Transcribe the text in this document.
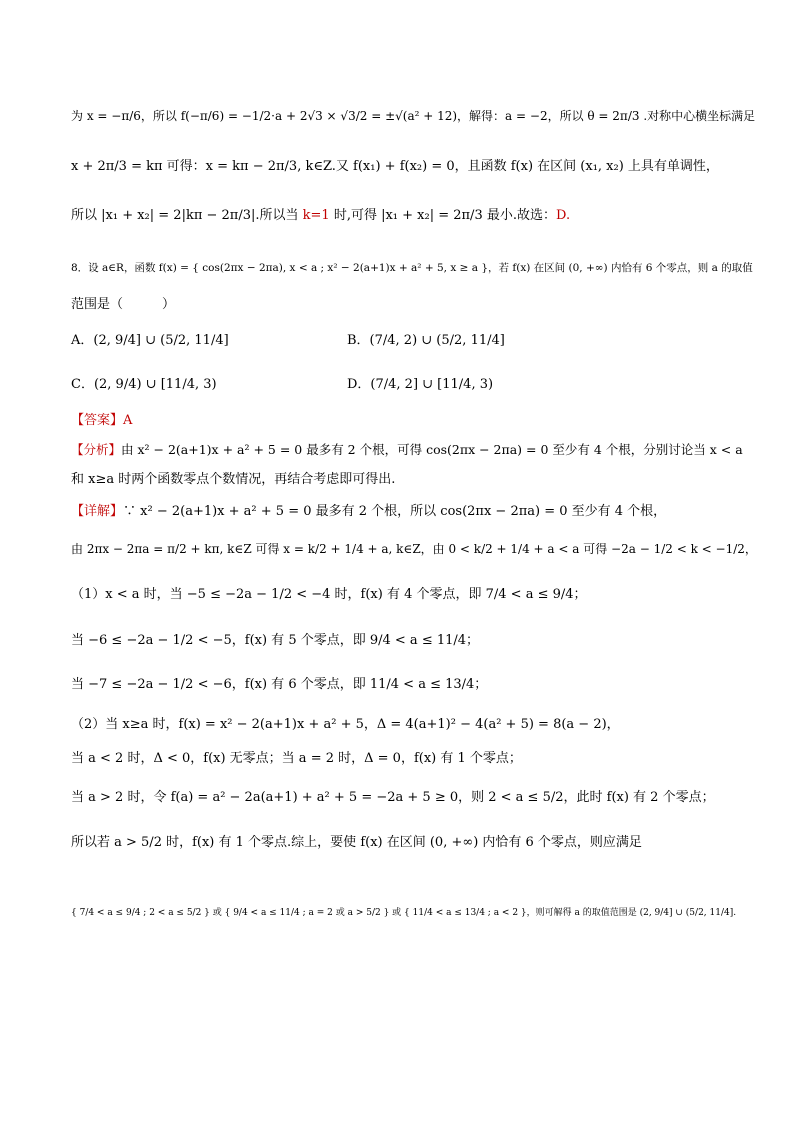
为 x = −π/6，所以 f(−π/6) = −1/2·a + 2√3 × √3/2 = ±√(a² + 12)，解得：a = −2，所以 θ = 2π/3 .对称中心横坐标满足
x + 2π/3 = kπ 可得：x = kπ − 2π/3, k∈Z.又 f(x₁) + f(x₂) = 0，且函数 f(x) 在区间 (x₁, x₂) 上具有单调性，
所以 |x₁ + x₂| = 2|kπ − 2π/3|.所以当 k=1 时,可得 |x₁ + x₂| = 2π/3 最小.故选：D.
8．设 a∈R，函数 f(x) = { cos(2πx − 2πa), x < a ; x² − 2(a+1)x + a² + 5, x ≥ a }，若 f(x) 在区间 (0, +∞) 内恰有 6 个零点，则 a 的取值
范围是（　　　）
A．(2, 9/4] ∪ (5/2, 11/4]	B．(7/4, 2) ∪ (5/2, 11/4]
C．(2, 9/4) ∪ [11/4, 3)	D．(7/4, 2] ∪ [11/4, 3)
【答案】A
【分析】由 x² − 2(a+1)x + a² + 5 = 0 最多有 2 个根，可得 cos(2πx − 2πa) = 0 至少有 4 个根，分别讨论当 x < a
和 x≥a 时两个函数零点个数情况，再结合考虑即可得出.
【详解】∵ x² − 2(a+1)x + a² + 5 = 0 最多有 2 个根，所以 cos(2πx − 2πa) = 0 至少有 4 个根，
由 2πx − 2πa = π/2 + kπ, k∈Z 可得 x = k/2 + 1/4 + a, k∈Z，由 0 < k/2 + 1/4 + a < a 可得 −2a − 1/2 < k < −1/2，
（1）x < a 时，当 −5 ≤ −2a − 1/2 < −4 时，f(x) 有 4 个零点，即 7/4 < a ≤ 9/4；
当 −6 ≤ −2a − 1/2 < −5，f(x) 有 5 个零点，即 9/4 < a ≤ 11/4；
当 −7 ≤ −2a − 1/2 < −6，f(x) 有 6 个零点，即 11/4 < a ≤ 13/4；
（2）当 x≥a 时，f(x) = x² − 2(a+1)x + a² + 5，Δ = 4(a+1)² − 4(a² + 5) = 8(a − 2)，
当 a < 2 时，Δ < 0，f(x) 无零点；当 a = 2 时，Δ = 0，f(x) 有 1 个零点；
当 a > 2 时，令 f(a) = a² − 2a(a+1) + a² + 5 = −2a + 5 ≥ 0，则 2 < a ≤ 5/2，此时 f(x) 有 2 个零点；
所以若 a > 5/2 时，f(x) 有 1 个零点.综上，要使 f(x) 在区间 (0, +∞) 内恰有 6 个零点，则应满足
{ 7/4 < a ≤ 9/4 ; 2 < a ≤ 5/2 } 或 { 9/4 < a ≤ 11/4 ; a = 2 或 a > 5/2 } 或 { 11/4 < a ≤ 13/4 ; a < 2 }，则可解得 a 的取值范围是 (2, 9/4] ∪ (5/2, 11/4].
